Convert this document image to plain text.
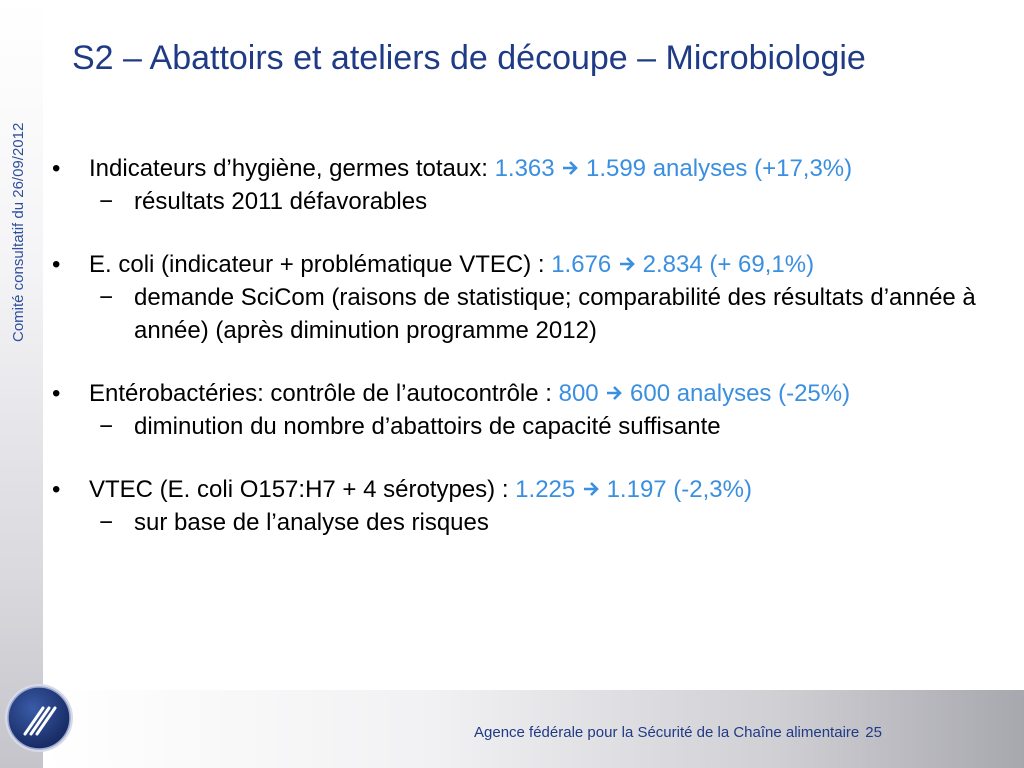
Comité consultatif du 26/09/2012
S2 – Abattoirs et ateliers de découpe – Microbiologie
•	Indicateurs d’hygiène, germes totaux: 1.363 1.599 analyses (+17,3%)
− résultats 2011 défavorables
•	E. coli (indicateur + problématique VTEC) : 1.676 2.834 (+ 69,1%)
− demande SciCom (raisons de statistique; comparabilité des résultats d’année à année) (après diminution programme 2012)
•	Entérobactéries: contrôle de l’autocontrôle : 800 600 analyses (-25%)
− diminution du nombre d’abattoirs de capacité suffisante
•	VTEC (E. coli O157:H7 + 4 sérotypes) : 1.225 1.197 (-2,3%)
− sur base de l’analyse des risques
Agence fédérale pour la Sécurité de la Chaîne alimentaire 25
